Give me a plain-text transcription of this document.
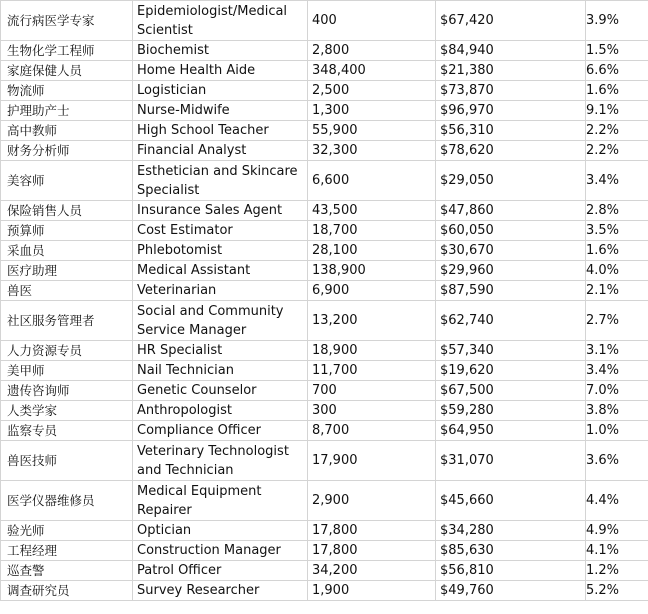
流行病医学专家	Epidemiologist/Medical Scientist	400	$67,420	3.9%
生物化学工程师	Biochemist	2,800	$84,940	1.5%
家庭保健人员	Home Health Aide	348,400	$21,380	6.6%
物流师	Logistician	2,500	$73,870	1.6%
护理助产士	Nurse-Midwife	1,300	$96,970	9.1%
高中教师	High School Teacher	55,900	$56,310	2.2%
财务分析师	Financial Analyst	32,300	$78,620	2.2%
美容师	Esthetician and Skincare Specialist	6,600	$29,050	3.4%
保险销售人员	Insurance Sales Agent	43,500	$47,860	2.8%
预算师	Cost Estimator	18,700	$60,050	3.5%
采血员	Phlebotomist	28,100	$30,670	1.6%
医疗助理	Medical Assistant	138,900	$29,960	4.0%
兽医	Veterinarian	6,900	$87,590	2.1%
社区服务管理者	Social and Community Service Manager	13,200	$62,740	2.7%
人力资源专员	HR Specialist	18,900	$57,340	3.1%
美甲师	Nail Technician	11,700	$19,620	3.4%
遗传咨询师	Genetic Counselor	700	$67,500	7.0%
人类学家	Anthropologist	300	$59,280	3.8%
监察专员	Compliance Officer	8,700	$64,950	1.0%
兽医技师	Veterinary Technologist and Technician	17,900	$31,070	3.6%
医学仪器维修员	Medical Equipment Repairer	2,900	$45,660	4.4%
验光师	Optician	17,800	$34,280	4.9%
工程经理	Construction Manager	17,800	$85,630	4.1%
巡查警	Patrol Officer	34,200	$56,810	1.2%
调查研究员	Survey Researcher	1,900	$49,760	5.2%
